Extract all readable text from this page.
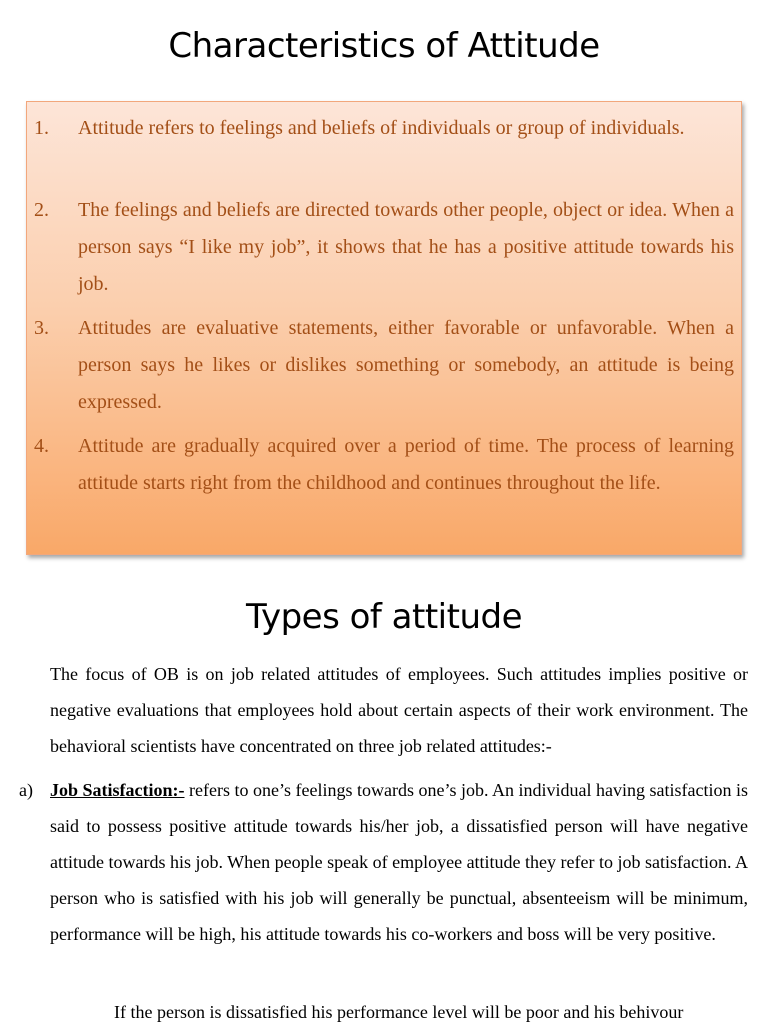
Characteristics of Attitude
1. Attitude refers to feelings and beliefs of individuals or group of individuals.
2. The feelings and beliefs are directed towards other people, object or idea. When a person says “I like my job”, it shows that he has a positive attitude towards his job.
3. Attitudes are evaluative statements, either favorable or unfavorable. When a person says he likes or dislikes something or somebody, an attitude is being expressed.
4. Attitude are gradually acquired over a period of time. The process of learning attitude starts right from the childhood and continues throughout the life.
Types of attitude
The focus of OB is on job related attitudes of employees. Such attitudes implies positive or negative evaluations that employees hold about certain aspects of their work environment. The behavioral scientists have concentrated on three job related attitudes:-
a) Job Satisfaction:- refers to one’s feelings towards one’s job. An individual having satisfaction is said to possess positive attitude towards his/her job, a dissatisfied person will have negative attitude towards his job. When people speak of employee attitude they refer to job satisfaction. A person who is satisfied with his job will generally be punctual, absenteeism will be minimum, performance will be high, his attitude towards his co-workers and boss will be very positive.
If the person is dissatisfied his performance level will be poor and his behivour
